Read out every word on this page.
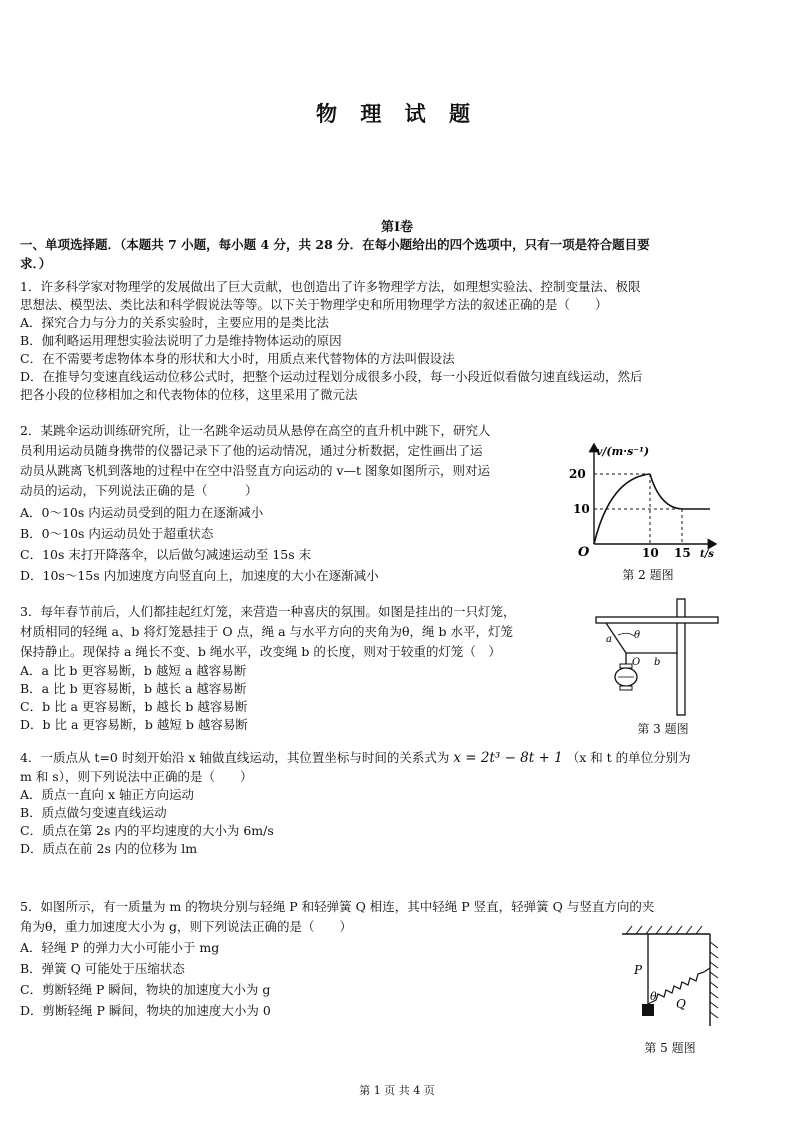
物 理 试 题
第I卷
一、单项选择题．（本题共 7 小题，每小题 4 分，共 28 分．在每小题给出的四个选项中，只有一项是符合题目要
求．）
1．许多科学家对物理学的发展做出了巨大贡献，也创造出了许多物理学方法，如理想实验法、控制变量法、极限
思想法、模型法、类比法和科学假说法等等。以下关于物理学史和所用物理学方法的叙述正确的是（　　）
A．探究合力与分力的关系实验时，主要应用的是类比法
B．伽利略运用理想实验法说明了力是维持物体运动的原因
C．在不需要考虑物体本身的形状和大小时，用质点来代替物体的方法叫假设法
D．在推导匀变速直线运动位移公式时，把整个运动过程划分成很多小段，每一小段近似看做匀速直线运动，然后
把各小段的位移相加之和代表物体的位移，这里采用了微元法
2．某跳伞运动训练研究所，让一名跳伞运动员从悬停在高空的直升机中跳下，研究人
员利用运动员随身携带的仪器记录下了他的运动情况，通过分析数据，定性画出了运
动员从跳离飞机到落地的过程中在空中沿竖直方向运动的 v—t 图象如图所示，则对运
动员的运动，下列说法正确的是（　　　）
A．0～10s 内运动员受到的阻力在逐渐减小
B．0～10s 内运动员处于超重状态
C．10s 末打开降落伞，以后做匀减速运动至 15s 末
D．10s～15s 内加速度方向竖直向上，加速度的大小在逐渐减小
v/(m·s⁻¹)
20
10
10 15 t/s
O
第 2 题图
3．每年春节前后，人们都挂起红灯笼，来营造一种喜庆的氛围。如图是挂出的一只灯笼，
材质相同的轻绳 a、b 将灯笼悬挂于 O 点，绳 a 与水平方向的夹角为θ，绳 b 水平，灯笼
保持静止。现保持 a 绳长不变、b 绳水平，改变绳 b 的长度，则对于较重的灯笼（　）
A．a 比 b 更容易断，b 越短 a 越容易断
B．a 比 b 更容易断，b 越长 a 越容易断
C．b 比 a 更容易断，b 越长 b 越容易断
D．b 比 a 更容易断，b 越短 b 越容易断
a θ
O b
第 3 题图
4．一质点从 t=0 时刻开始沿 x 轴做直线运动，其位置坐标与时间的关系式为 x = 2t³ − 8t + 1 （x 和 t 的单位分别为
m 和 s），则下列说法中正确的是（　　）
A．质点一直向 x 轴正方向运动
B．质点做匀变速直线运动
C．质点在第 2s 内的平均速度的大小为 6m/s
D．质点在前 2s 内的位移为 lm
5．如图所示，有一质量为 m 的物块分别与轻绳 P 和轻弹簧 Q 相连，其中轻绳 P 竖直，轻弹簧 Q 与竖直方向的夹
角为θ，重力加速度大小为 g，则下列说法正确的是（　　）
A．轻绳 P 的弹力大小可能小于 mg
B．弹簧 Q 可能处于压缩状态
C．剪断轻绳 P 瞬间，物块的加速度大小为 g
D．剪断轻绳 P 瞬间，物块的加速度大小为 0
P
θ
Q
第 5 题图
第 1 页 共 4 页
